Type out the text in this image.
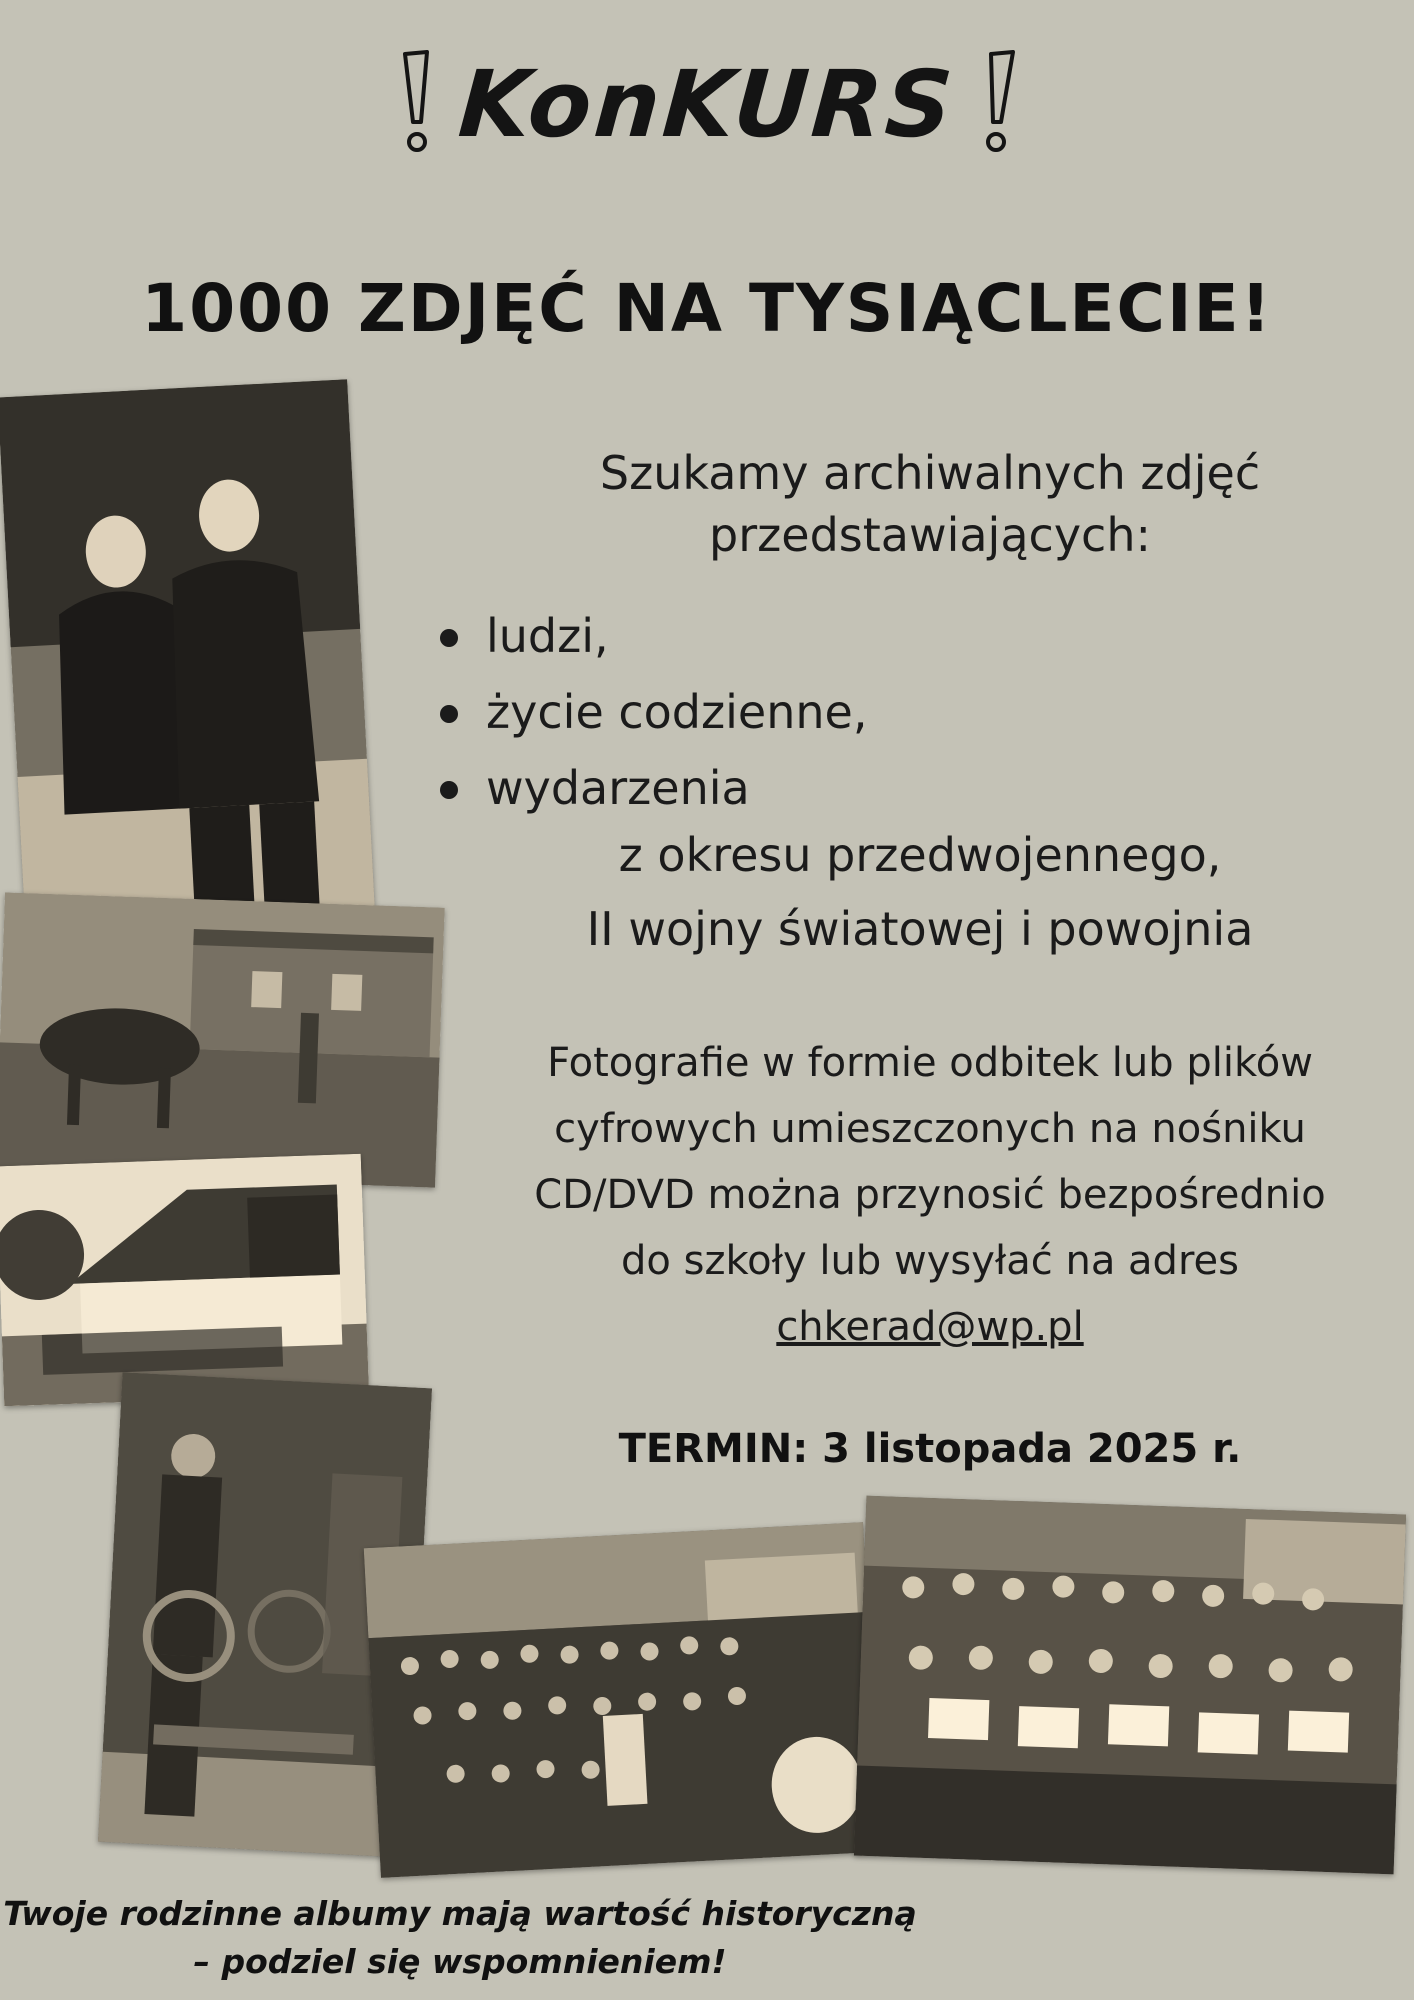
KonKURS
1000 ZDJĘĆ NA TYSIĄCLECIE!
Szukamy archiwalnych zdjęć
przedstawiających:
ludzi,
życie codzienne,
wydarzenia
z okresu przedwojennego,
II wojny światowej i powojnia
Fotografie w formie odbitek lub plików
cyfrowych umieszczonych na nośniku
CD/DVD można przynosić bezpośrednio
do szkoły lub wysyłać na adres
chkerad@wp.pl
TERMIN: 3 listopada 2025 r.
Twoje rodzinne albumy mają wartość historyczną
– podziel się wspomnieniem!
